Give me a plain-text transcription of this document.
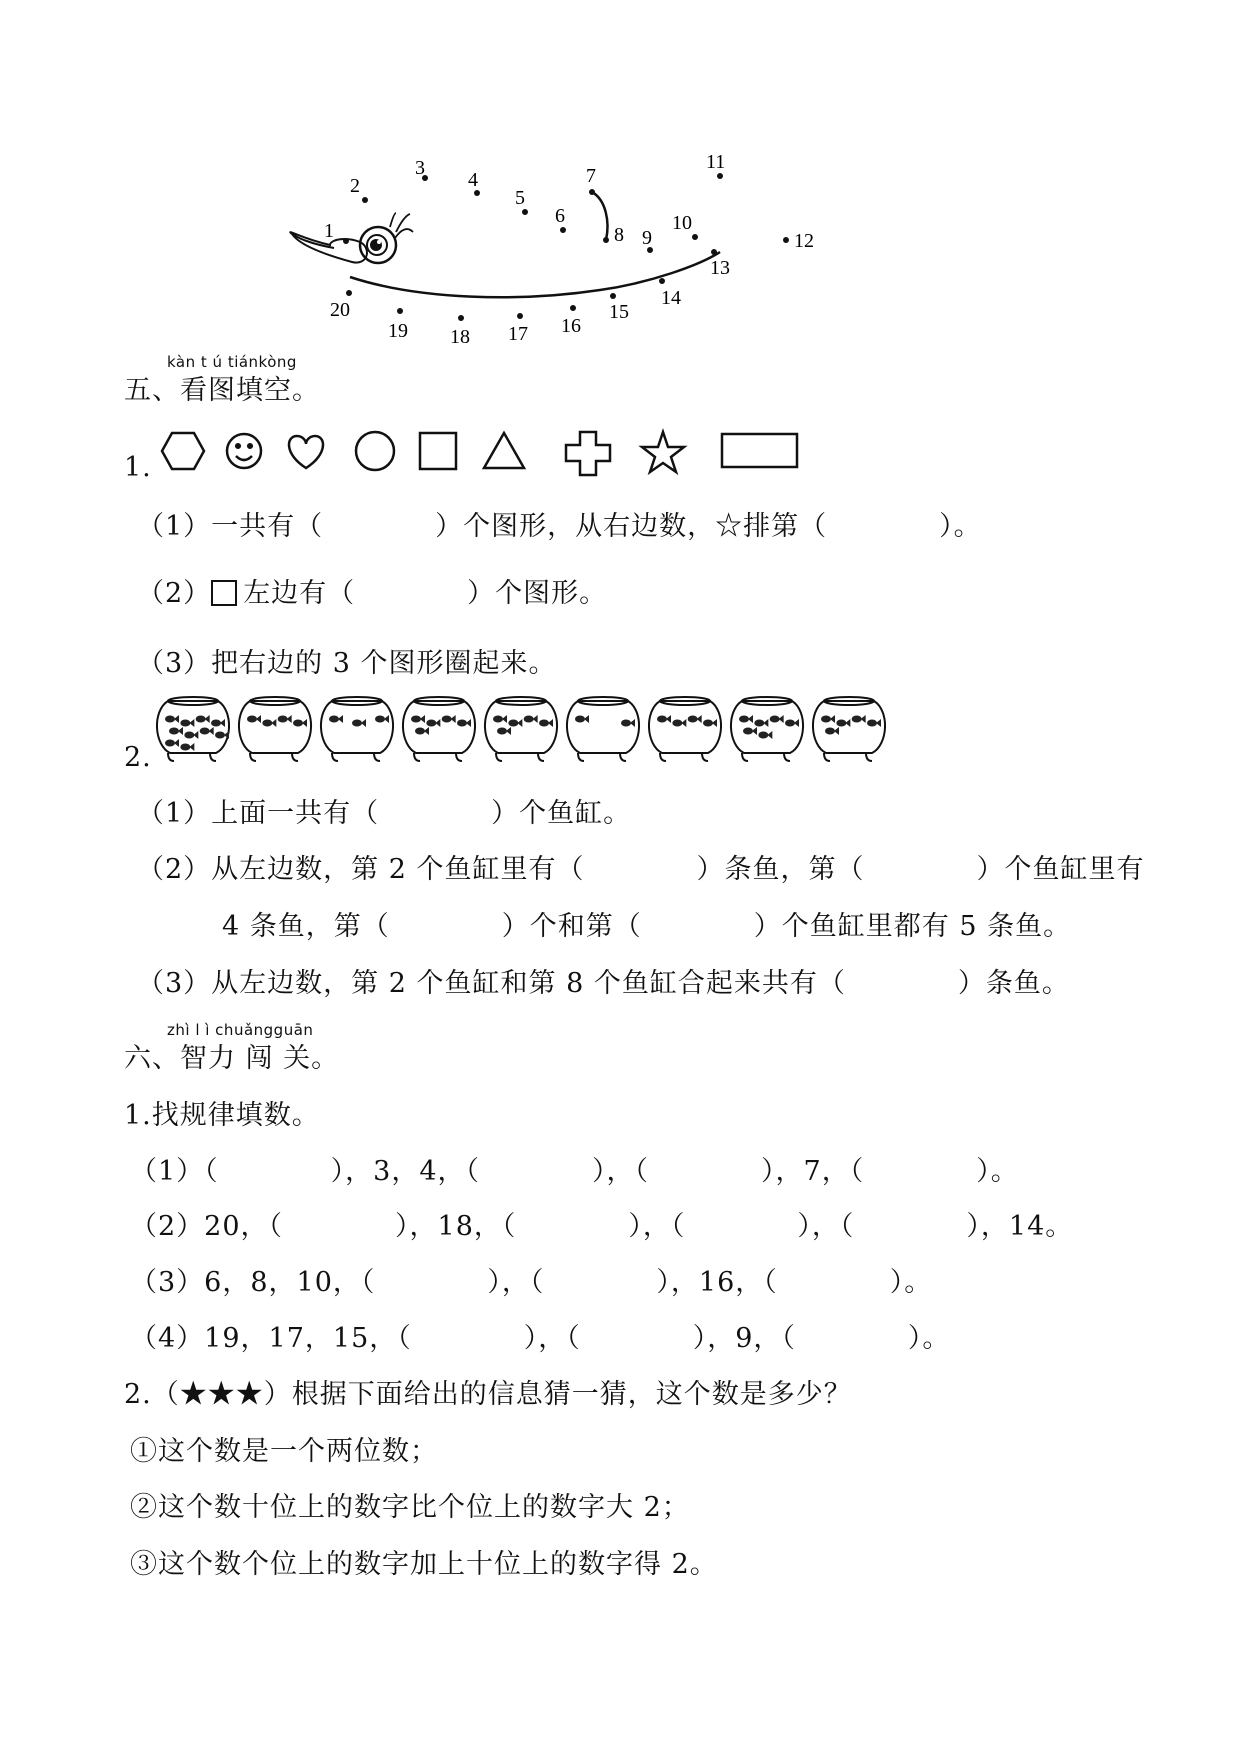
1
2
3
4
5
6
7
8 9
10
11
12
13
14
15
16
17
18
19
20
kàn t ú tiánkòng
五、看图填空。
1.
（1）一共有（　　　　）个图形，从右边数，☆排第（　　　　）。
（2） 左边有（　　　　）个图形。
（3）把右边的 3 个图形圈起来。
2.
（1）上面一共有（　　　　）个鱼缸。
（2）从左边数，第 2 个鱼缸里有（　　　　）条鱼，第（　　　　）个鱼缸里有
4 条鱼，第（　　　　）个和第（　　　　）个鱼缸里都有 5 条鱼。
（3）从左边数，第 2 个鱼缸和第 8 个鱼缸合起来共有（　　　　）条鱼。
zhì l ì chuǎngguān
六、智力 闯 关。
1.找规律填数。
（1）（　　　　），3，4，（　　　　），（　　　　），7，（　　　　）。
（2）20，（　　　　），18，（　　　　），（　　　　），（　　　　），14。
（3）6，8，10，（　　　　），（　　　　），16，（　　　　）。
（4）19，17，15，（　　　　），（　　　　），9，（　　　　）。
2.（★★★）根据下面给出的信息猜一猜，这个数是多少？
①这个数是一个两位数；
②这个数十位上的数字比个位上的数字大 2；
③这个数个位上的数字加上十位上的数字得 2。
